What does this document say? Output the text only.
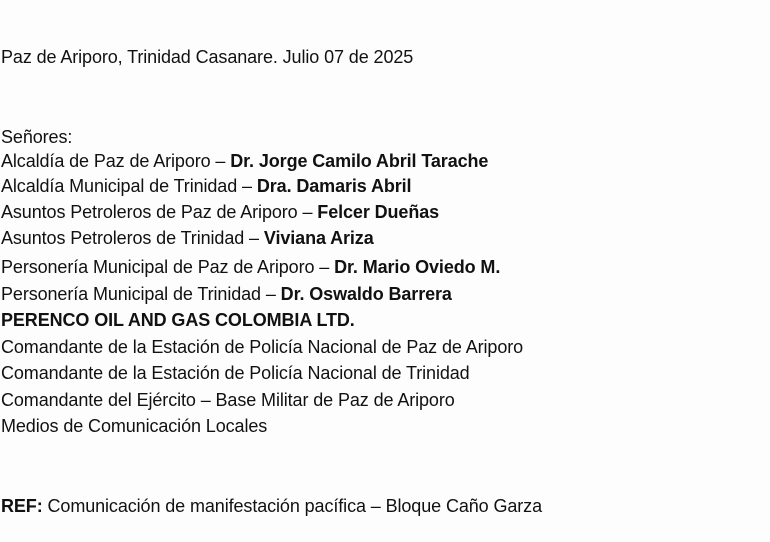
Paz de Ariporo, Trinidad Casanare. Julio 07 de 2025
Señores:
Alcaldía de Paz de Ariporo – Dr. Jorge Camilo Abril Tarache
Alcaldía Municipal de Trinidad – Dra. Damaris Abril
Asuntos Petroleros de Paz de Ariporo – Felcer Dueñas
Asuntos Petroleros de Trinidad – Viviana Ariza
Personería Municipal de Paz de Ariporo – Dr. Mario Oviedo M.
Personería Municipal de Trinidad – Dr. Oswaldo Barrera
PERENCO OIL AND GAS COLOMBIA LTD.
Comandante de la Estación de Policía Nacional de Paz de Ariporo
Comandante de la Estación de Policía Nacional de Trinidad
Comandante del Ejército – Base Militar de Paz de Ariporo
Medios de Comunicación Locales
REF: Comunicación de manifestación pacífica – Bloque Caño Garza
